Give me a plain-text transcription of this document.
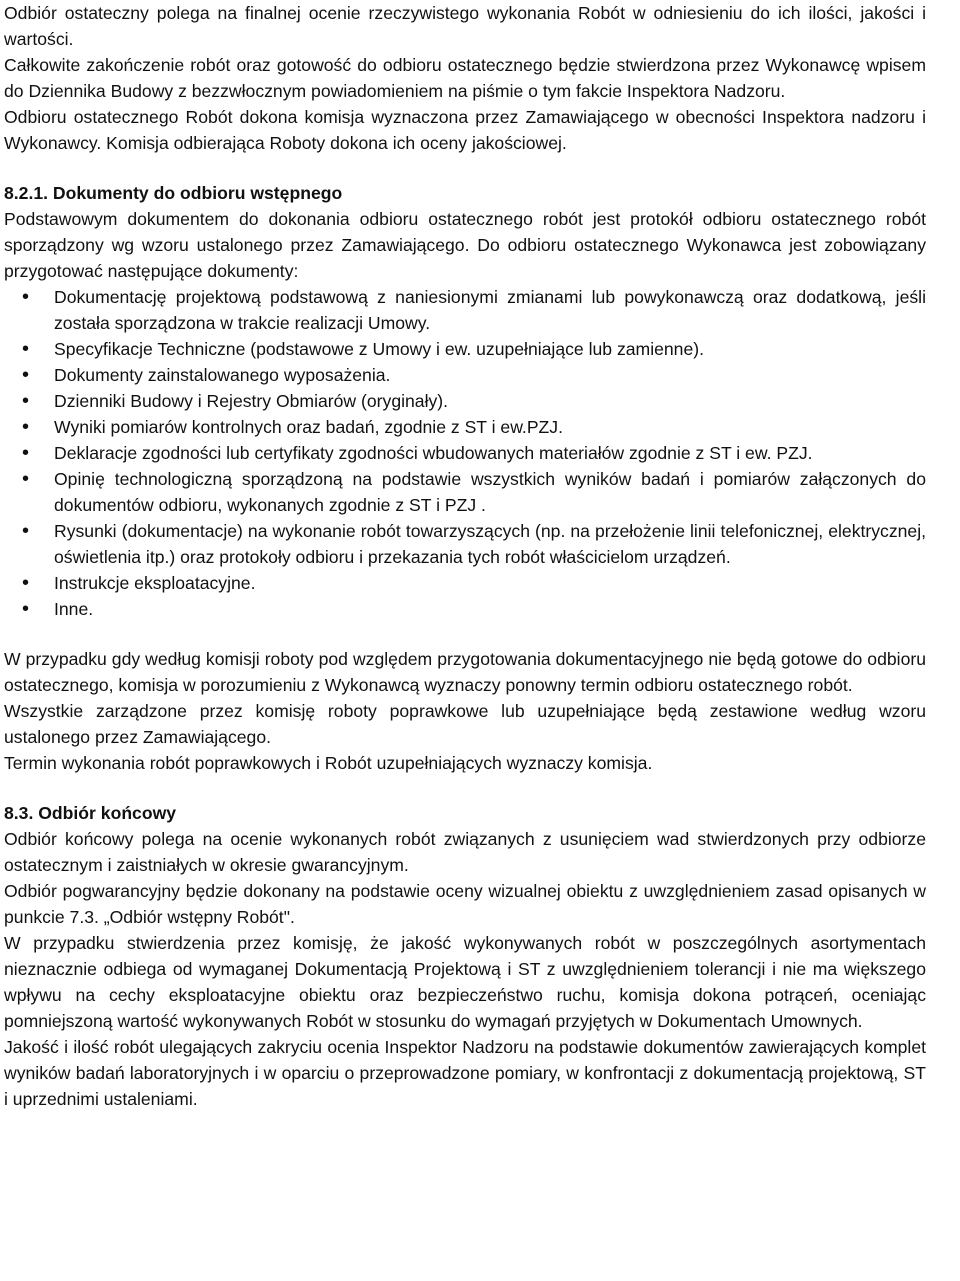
Odbiór ostateczny polega na finalnej ocenie rzeczywistego wykonania Robót w odniesieniu do ich ilości, jakości i wartości.

Całkowite zakończenie robót oraz gotowość do odbioru ostatecznego będzie stwierdzona przez Wykonawcę wpisem do Dziennika Budowy z bezzwłocznym powiadomieniem na piśmie o tym fakcie Inspektora Nadzoru.

Odbioru ostatecznego Robót dokona komisja wyznaczona przez Zamawiającego w obecności Inspektora nadzoru i Wykonawcy. Komisja odbierająca Roboty dokona ich oceny jakościowej.

8.2.1. Dokumenty do odbioru wstępnego

Podstawowym dokumentem do dokonania odbioru ostatecznego robót jest protokół odbioru ostatecznego robót sporządzony wg wzoru ustalonego przez Zamawiającego. Do odbioru ostatecznego Wykonawca jest zobowiązany przygotować następujące dokumenty:

• Dokumentację projektową podstawową z naniesionymi zmianami lub powykonawczą oraz dodatkową, jeśli została sporządzona w trakcie realizacji Umowy.
• Specyfikacje Techniczne (podstawowe z Umowy i ew. uzupełniające lub zamienne).
• Dokumenty zainstalowanego wyposażenia.
• Dzienniki Budowy i Rejestry Obmiarów (oryginały).
• Wyniki pomiarów kontrolnych oraz badań, zgodnie z ST i ew.PZJ.
• Deklaracje zgodności lub certyfikaty zgodności wbudowanych materiałów zgodnie z ST i ew. PZJ.
• Opinię technologiczną sporządzoną na podstawie wszystkich wyników badań i pomiarów załączonych do dokumentów odbioru, wykonanych zgodnie z ST i PZJ .
• Rysunki (dokumentacje) na wykonanie robót towarzyszących (np. na przełożenie linii telefonicznej, elektrycznej, oświetlenia itp.) oraz protokoły odbioru i przekazania tych robót właścicielom urządzeń.
• Instrukcje eksploatacyjne.
• Inne.

W przypadku gdy według komisji roboty pod względem przygotowania dokumentacyjnego nie będą gotowe do odbioru ostatecznego, komisja w porozumieniu z Wykonawcą wyznaczy ponowny termin odbioru ostatecznego robót.

Wszystkie zarządzone przez komisję roboty poprawkowe lub uzupełniające będą zestawione według wzoru ustalonego przez Zamawiającego.

Termin wykonania robót poprawkowych i Robót uzupełniających wyznaczy komisja.

8.3. Odbiór końcowy

Odbiór końcowy polega na ocenie wykonanych robót związanych z usunięciem wad stwierdzonych przy odbiorze ostatecznym i zaistniałych w okresie gwarancyjnym.

Odbiór pogwarancyjny będzie dokonany na podstawie oceny wizualnej obiektu z uwzględnieniem zasad opisanych w punkcie 7.3. „Odbiór wstępny Robót".

W przypadku stwierdzenia przez komisję, że jakość wykonywanych robót w poszczególnych asortymentach nieznacznie odbiega od wymaganej Dokumentacją Projektową i ST z uwzględnieniem tolerancji i nie ma większego wpływu na cechy eksploatacyjne obiektu oraz bezpieczeństwo ruchu, komisja dokona potrąceń, oceniając pomniejszoną wartość wykonywanych Robót w stosunku do wymagań przyjętych w Dokumentach Umownych.

Jakość i ilość robót ulegających zakryciu ocenia Inspektor Nadzoru na podstawie dokumentów zawierających komplet wyników badań laboratoryjnych i w oparciu o przeprowadzone pomiary, w konfrontacji z dokumentacją projektową, ST i uprzednimi ustaleniami.
